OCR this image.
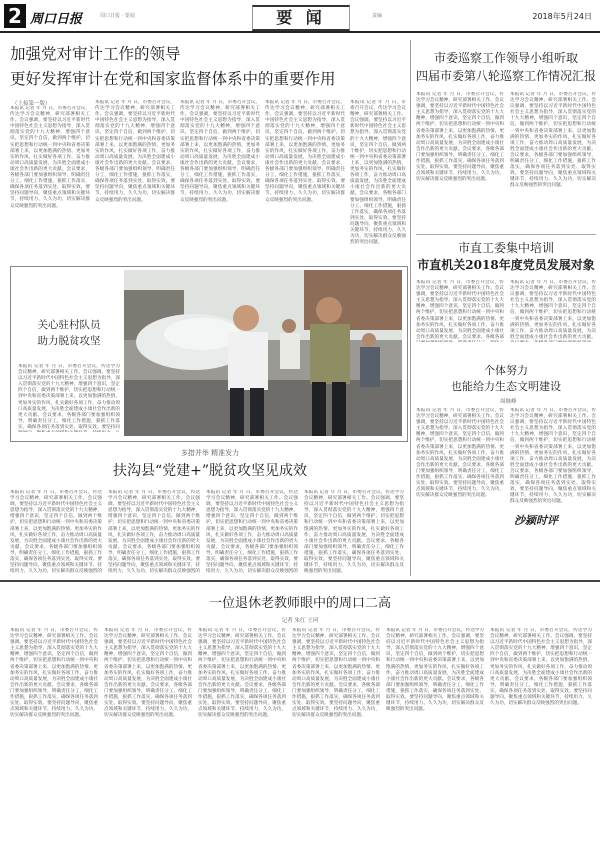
2 周口日报	周口日报 · 要闻	要 闻	责编	2018年5月24日
加强党对审计工作的领导
更好发挥审计在党和国家监督体系中的重要作用
（上接第一版）
本报讯 记者 年 月 日，市委召开会议，传达学习会议精神，研究部署相关工作。会议强调，要坚持以习近平新时代中国特色社会主义思想为指导，深入贯彻落实党的十九大精神，增强四个意识，坚定四个自信，做到两个维护，切实把思想和行动统一到中央和省委决策部署上来，以更加饱满的热情、更加务实的作风，扎实做好各项工作，奋力推动周口高质量发展，为决胜全面建成小康社会作出新的更大贡献。会议要求，各级各部门要加强组织领导，明确责任分工，细化工作措施，狠抓工作落实，确保各项任务落到实处、取得实效。要坚持问题导向，聚焦重点领域和关键环节，持续用力、久久为功，切实解决群众反映强烈的突出问题。
本报讯 记者 年 月 日，市委召开会议，传达学习会议精神，研究部署相关工作。会议强调，要坚持以习近平新时代中国特色社会主义思想为指导，深入贯彻落实党的十九大精神，增强四个意识，坚定四个自信，做到两个维护，切实把思想和行动统一到中央和省委决策部署上来，以更加饱满的热情、更加务实的作风，扎实做好各项工作，奋力推动周口高质量发展，为决胜全面建成小康社会作出新的更大贡献。会议要求，各级各部门要加强组织领导，明确责任分工，细化工作措施，狠抓工作落实，确保各项任务落到实处、取得实效。要坚持问题导向，聚焦重点领域和关键环节，持续用力、久久为功，切实解决群众反映强烈的突出问题。
本报讯 记者 年 月 日，市委召开会议，传达学习会议精神，研究部署相关工作。会议强调，要坚持以习近平新时代中国特色社会主义思想为指导，深入贯彻落实党的十九大精神，增强四个意识，坚定四个自信，做到两个维护，切实把思想和行动统一到中央和省委决策部署上来，以更加饱满的热情、更加务实的作风，扎实做好各项工作，奋力推动周口高质量发展，为决胜全面建成小康社会作出新的更大贡献。会议要求，各级各部门要加强组织领导，明确责任分工，细化工作措施，狠抓工作落实，确保各项任务落到实处、取得实效。要坚持问题导向，聚焦重点领域和关键环节，持续用力、久久为功，切实解决群众反映强烈的突出问题。
本报讯 记者 年 月 日，市委召开会议，传达学习会议精神，研究部署相关工作。会议强调，要坚持以习近平新时代中国特色社会主义思想为指导，深入贯彻落实党的十九大精神，增强四个意识，坚定四个自信，做到两个维护，切实把思想和行动统一到中央和省委决策部署上来，以更加饱满的热情、更加务实的作风，扎实做好各项工作，奋力推动周口高质量发展，为决胜全面建成小康社会作出新的更大贡献。会议要求，各级各部门要加强组织领导，明确责任分工，细化工作措施，狠抓工作落实，确保各项任务落到实处、取得实效。要坚持问题导向，聚焦重点领域和关键环节，持续用力、久久为功，切实解决群众反映强烈的突出问题。
本报讯 记者 年 月 日，市委召开会议，传达学习会议精神，研究部署相关工作。会议强调，要坚持以习近平新时代中国特色社会主义思想为指导，深入贯彻落实党的十九大精神，增强四个意识，坚定四个自信，做到两个维护，切实把思想和行动统一到中央和省委决策部署上来，以更加饱满的热情、更加务实的作风，扎实做好各项工作，奋力推动周口高质量发展，为决胜全面建成小康社会作出新的更大贡献。会议要求，各级各部门要加强组织领导，明确责任分工，细化工作措施，狠抓工作落实，确保各项任务落到实处、取得实效。要坚持问题导向，聚焦重点领域和关键环节，持续用力、久久为功，切实解决群众反映强烈的突出问题。
市委巡察工作领导小组听取
四届市委第八轮巡察工作情况汇报
本报讯 记者 年 月 日，市委召开会议，传达学习会议精神，研究部署相关工作。会议强调，要坚持以习近平新时代中国特色社会主义思想为指导，深入贯彻落实党的十九大精神，增强四个意识，坚定四个自信，做到两个维护，切实把思想和行动统一到中央和省委决策部署上来，以更加饱满的热情、更加务实的作风，扎实做好各项工作，奋力推动周口高质量发展，为决胜全面建成小康社会作出新的更大贡献。会议要求，各级各部门要加强组织领导，明确责任分工，细化工作措施，狠抓工作落实，确保各项任务落到实处、取得实效。要坚持问题导向，聚焦重点领域和关键环节，持续用力、久久为功，切实解决群众反映强烈的突出问题。
本报讯 记者 年 月 日，市委召开会议，传达学习会议精神，研究部署相关工作。会议强调，要坚持以习近平新时代中国特色社会主义思想为指导，深入贯彻落实党的十九大精神，增强四个意识，坚定四个自信，做到两个维护，切实把思想和行动统一到中央和省委决策部署上来，以更加饱满的热情、更加务实的作风，扎实做好各项工作，奋力推动周口高质量发展，为决胜全面建成小康社会作出新的更大贡献。会议要求，各级各部门要加强组织领导，明确责任分工，细化工作措施，狠抓工作落实，确保各项任务落到实处、取得实效。要坚持问题导向，聚焦重点领域和关键环节，持续用力、久久为功，切实解决群众反映强烈的突出问题。
市直工委集中培训
市直机关2018年度党员发展对象
本报讯 记者 年 月 日，市委召开会议，传达学习会议精神，研究部署相关工作。会议强调，要坚持以习近平新时代中国特色社会主义思想为指导，深入贯彻落实党的十九大精神，增强四个意识，坚定四个自信，做到两个维护，切实把思想和行动统一到中央和省委决策部署上来，以更加饱满的热情、更加务实的作风，扎实做好各项工作，奋力推动周口高质量发展，为决胜全面建成小康社会作出新的更大贡献。会议要求，各级各部
本报讯 记者 年 月 日，市委召开会议，传达学习会议精神，研究部署相关工作。会议强调，要坚持以习近平新时代中国特色社会主义思想为指导，深入贯彻落实党的十九大精神，增强四个意识，坚定四个自信，做到两个维护，切实把思想和行动统一到中央和省委决策部署上来，以更加饱满的热情、更加务实的作风，扎实做好各项工作，奋力推动周口高质量发展，为决胜全面建成小康社会作出新的更大贡献。
个体努力
也能给力生态文明建设
周继峰
本报讯 记者 年 月 日，市委召开会议，传达学习会议精神，研究部署相关工作。会议强调，要坚持以习近平新时代中国特色社会主义思想为指导，深入贯彻落实党的十九大精神，增强四个意识，坚定四个自信，做到两个维护，切实把思想和行动统一到中央和省委决策部署上来，以更加饱满的热情、更加务实的作风，扎实做好各项工作，奋力推动周口高质量发展，为决胜全面建成小康社会作出新的更大贡献。会议要求，各级各部门要加强组织领导，明确责任分工，细化工作措施，狠抓工作落实，确保各项任务落到实处、取得实效。要坚持问题导向，聚焦重点领域和关键环节，持续用力、久久为功，切实解决群众反映强烈的突出问题。
本报讯 记者 年 月 日，市委召开会议，传达学习会议精神，研究部署相关工作。会议强调，要坚持以习近平新时代中国特色社会主义思想为指导，深入贯彻落实党的十九大精神，增强四个意识，坚定四个自信，做到两个维护，切实把思想和行动统一到中央和省委决策部署上来，以更加饱满的热情、更加务实的作风，扎实做好各项工作，奋力推动周口高质量发展，为决胜全面建成小康社会作出新的更大贡献。会议要求，各级各部门要加强组织领导，明确责任分工，细化工作措施，狠抓工作落实，确保各项任务落到实处、取得实效。要坚持问题导向，聚焦重点领域和关键环节，持续用力、久久为功，切实解决群众反映强烈的突出问题。
沙颍时评
关心驻村队员
助力脱贫攻坚
本报讯 记者 年 月 日，市委召开会议，传达学习会议精神，研究部署相关工作。会议强调，要坚持以习近平新时代中国特色社会主义思想为指导，深入贯彻落实党的十九大精神，增强四个意识，坚定四个自信，做到两个维护，切实把思想和行动统一到中央和省委决策部署上来，以更加饱满的热情、更加务实的作风，扎实做好各项工作，奋力推动周口高质量发展，为决胜全面建成小康社会作出新的更大贡献。会议要求，各级各部门要加强组织领导，明确责任分工，细化工作措施，狠抓工作落实，确保各项任务落到实处、取得实效。要坚持问
多措并举 精准发力
扶沟县“党建+”脱贫攻坚见成效
本报讯 记者 年 月 日，市委召开会议，传达学习会议精神，研究部署相关工作。会议强调，要坚持以习近平新时代中国特色社会主义思想为指导，深入贯彻落实党的十九大精神，增强四个意识，坚定四个自信，做到两个维护，切实把思想和行动统一到中央和省委决策部署上来，以更加饱满的热情、更加务实的作风，扎实做好各项工作，奋力推动周口高质量发展，为决胜全面建成小康社会作出新的更大贡献。会议要求，各级各部门要加强组织领导，明确责任分工，细化工作措施，狠抓工作落实，确保各项任务落到实处、取得实效。要坚持问题导向，聚焦重点领域和关键环节，持续用力、久久为功，切实解决群众反映强烈的
本报讯 记者 年 月 日，市委召开会议，传达学习会议精神，研究部署相关工作。会议强调，要坚持以习近平新时代中国特色社会主义思想为指导，深入贯彻落实党的十九大精神，增强四个意识，坚定四个自信，做到两个维护，切实把思想和行动统一到中央和省委决策部署上来，以更加饱满的热情、更加务实的作风，扎实做好各项工作，奋力推动周口高质量发展，为决胜全面建成小康社会作出新的更大贡献。会议要求，各级各部门要加强组织领导，明确责任分工，细化工作措施，狠抓工作落实，确保各项任务落到实处、取得实效。要坚持问题导向，聚焦重点领域和关键环节，持续用力、久久为功，切实解决群众反映强烈的
本报讯 记者 年 月 日，市委召开会议，传达学习会议精神，研究部署相关工作。会议强调，要坚持以习近平新时代中国特色社会主义思想为指导，深入贯彻落实党的十九大精神，增强四个意识，坚定四个自信，做到两个维护，切实把思想和行动统一到中央和省委决策部署上来，以更加饱满的热情、更加务实的作风，扎实做好各项工作，奋力推动周口高质量发展，为决胜全面建成小康社会作出新的更大贡献。会议要求，各级各部门要加强组织领导，明确责任分工，细化工作措施，狠抓工作落实，确保各项任务落到实处、取得实效。要坚持问题导向，聚焦重点领域和关键环节，持续用力、久久为功，切实解决群众反映强烈的
本报讯 记者 年 月 日，市委召开会议，传达学习会议精神，研究部署相关工作。会议强调，要坚持以习近平新时代中国特色社会主义思想为指导，深入贯彻落实党的十九大精神，增强四个意识，坚定四个自信，做到两个维护，切实把思想和行动统一到中央和省委决策部署上来，以更加饱满的热情、更加务实的作风，扎实做好各项工作，奋力推动周口高质量发展，为决胜全面建成小康社会作出新的更大贡献。会议要求，各级各部门要加强组织领导，明确责任分工，细化工作措施，狠抓工作落实，确保各项任务落到实处、取得实效。要坚持问题导向，聚焦重点领域和关键环节，持续用力、久久为功，切实解决群众反映强烈的突出问题。
一位退休老教师眼中的周口二高
记者 朱红 王珂
本报讯 记者 年 月 日，市委召开会议，传达学习会议精神，研究部署相关工作。会议强调，要坚持以习近平新时代中国特色社会主义思想为指导，深入贯彻落实党的十九大精神，增强四个意识，坚定四个自信，做到两个维护，切实把思想和行动统一到中央和省委决策部署上来，以更加饱满的热情、更加务实的作风，扎实做好各项工作，奋力推动周口高质量发展，为决胜全面建成小康社会作出新的更大贡献。会议要求，各级各部门要加强组织领导，明确责任分工，细化工作措施，狠抓工作落实，确保各项任务落到实处、取得实效。要坚持问题导向，聚焦重点领域和关键环节，持续用力、久久为功，切实解决群众反映强烈的突出问题。
本报讯 记者 年 月 日，市委召开会议，传达学习会议精神，研究部署相关工作。会议强调，要坚持以习近平新时代中国特色社会主义思想为指导，深入贯彻落实党的十九大精神，增强四个意识，坚定四个自信，做到两个维护，切实把思想和行动统一到中央和省委决策部署上来，以更加饱满的热情、更加务实的作风，扎实做好各项工作，奋力推动周口高质量发展，为决胜全面建成小康社会作出新的更大贡献。会议要求，各级各部门要加强组织领导，明确责任分工，细化工作措施，狠抓工作落实，确保各项任务落到实处、取得实效。要坚持问题导向，聚焦重点领域和关键环节，持续用力、久久为功，切实解决群众反映强烈的突出问题。
本报讯 记者 年 月 日，市委召开会议，传达学习会议精神，研究部署相关工作。会议强调，要坚持以习近平新时代中国特色社会主义思想为指导，深入贯彻落实党的十九大精神，增强四个意识，坚定四个自信，做到两个维护，切实把思想和行动统一到中央和省委决策部署上来，以更加饱满的热情、更加务实的作风，扎实做好各项工作，奋力推动周口高质量发展，为决胜全面建成小康社会作出新的更大贡献。会议要求，各级各部门要加强组织领导，明确责任分工，细化工作措施，狠抓工作落实，确保各项任务落到实处、取得实效。要坚持问题导向，聚焦重点领域和关键环节，持续用力、久久为功，切实解决群众反映强烈的突出问题。
本报讯 记者 年 月 日，市委召开会议，传达学习会议精神，研究部署相关工作。会议强调，要坚持以习近平新时代中国特色社会主义思想为指导，深入贯彻落实党的十九大精神，增强四个意识，坚定四个自信，做到两个维护，切实把思想和行动统一到中央和省委决策部署上来，以更加饱满的热情、更加务实的作风，扎实做好各项工作，奋力推动周口高质量发展，为决胜全面建成小康社会作出新的更大贡献。会议要求，各级各部门要加强组织领导，明确责任分工，细化工作措施，狠抓工作落实，确保各项任务落到实处、取得实效。要坚持问题导向，聚焦重点领域和关键环节，持续用力、久久为功，切实解决群众反映强烈的突出问题。
本报讯 记者 年 月 日，市委召开会议，传达学习会议精神，研究部署相关工作。会议强调，要坚持以习近平新时代中国特色社会主义思想为指导，深入贯彻落实党的十九大精神，增强四个意识，坚定四个自信，做到两个维护，切实把思想和行动统一到中央和省委决策部署上来，以更加饱满的热情、更加务实的作风，扎实做好各项工作，奋力推动周口高质量发展，为决胜全面建成小康社会作出新的更大贡献。会议要求，各级各部门要加强组织领导，明确责任分工，细化工作措施，狠抓工作落实，确保各项任务落到实处、取得实效。要坚持问题导向，聚焦重点领域和关键环节，持续用力、久久为功，切实解决群众反映强烈的突出问题。
本报讯 记者 年 月 日，市委召开会议，传达学习会议精神，研究部署相关工作。会议强调，要坚持以习近平新时代中国特色社会主义思想为指导，深入贯彻落实党的十九大精神，增强四个意识，坚定四个自信，做到两个维护，切实把思想和行动统一到中央和省委决策部署上来，以更加饱满的热情、更加务实的作风，扎实做好各项工作，奋力推动周口高质量发展，为决胜全面建成小康社会作出新的更大贡献。会议要求，各级各部门要加强组织领导，明确责任分工，细化工作措施，狠抓工作落实，确保各项任务落到实处、取得实效。要坚持问题导向，聚焦重点领域和关键环节，持续用力、久久为功，切实解决群众反映强烈的突出问题。
